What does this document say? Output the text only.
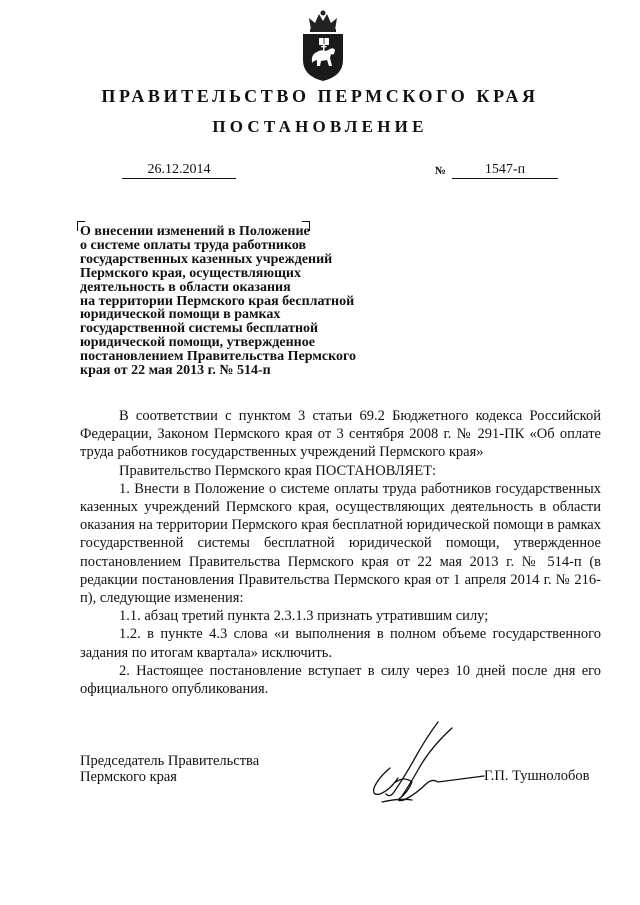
ПРАВИТЕЛЬСТВО ПЕРМСКОГО КРАЯ
ПОСТАНОВЛЕНИЕ
26.12.2014	№	1547-п
О внесении изменений в Положение
о системе оплаты труда работников
государственных казенных учреждений
Пермского края, осуществляющих
деятельность в области оказания
на территории Пермского края бесплатной
юридической помощи в рамках
государственной системы бесплатной
юридической помощи, утвержденное
постановлением Правительства Пермского
края от 22 мая 2013 г. № 514-п

В соответствии с пунктом 3 статьи 69.2 Бюджетного кодекса Российской Федерации, Законом Пермского края от 3 сентября 2008 г. № 291-ПК «Об оплате труда работников государственных учреждений Пермского края»

Правительство Пермского края ПОСТАНОВЛЯЕТ:

1. Внести в Положение о системе оплаты труда работников государственных казенных учреждений Пермского края, осуществляющих деятельность в области оказания на территории Пермского края бесплатной юридической помощи в рамках государственной системы бесплатной юридической помощи, утвержденное постановлением Правительства Пермского края от 22 мая 2013 г. № 514-п (в редакции постановления Правительства Пермского края от 1 апреля 2014 г. № 216-п), следующие изменения:

1.1. абзац третий пункта 2.3.1.3 признать утратившим силу;

1.2. в пункте 4.3 слова «и выполнения в полном объеме государственного задания по итогам квартала» исключить.

2. Настоящее постановление вступает в силу через 10 дней после дня его официального опубликования.

Председатель Правительства
Пермского края	Г.П. Тушнолобов
